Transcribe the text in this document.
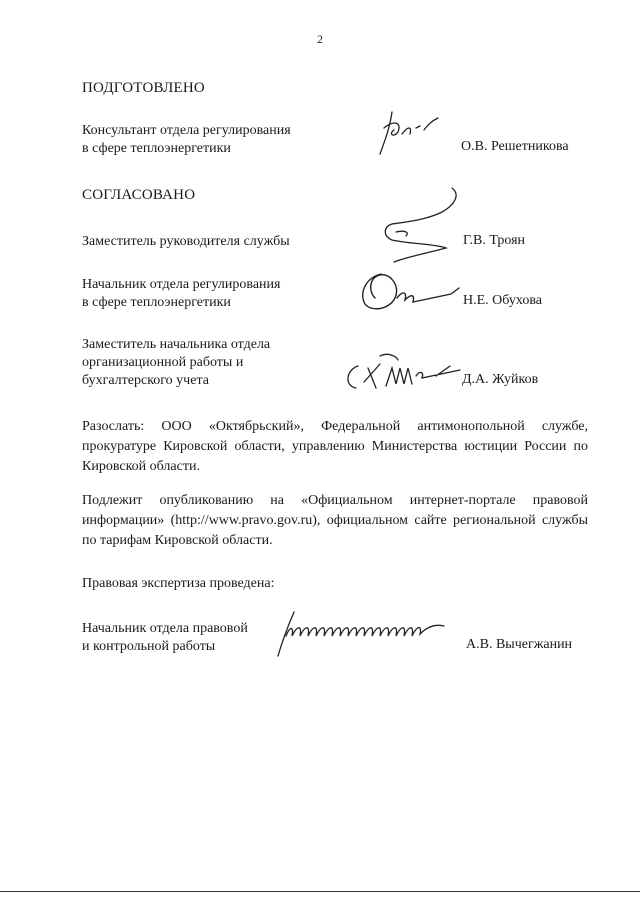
2
ПОДГОТОВЛЕНО
Консультант отдела регулирования
в сфере теплоэнергетики	О.В. Решетникова
СОГЛАСОВАНО
Заместитель руководителя службы	Г.В. Троян
Начальник отдела регулирования
в сфере теплоэнергетики	Н.Е. Обухова
Заместитель начальника отдела
организационной работы и
бухгалтерского учета	Д.А. Жуйков
Разослать: ООО «Октябрьский», Федеральной антимонопольной службе, прокуратуре Кировской области, управлению Министерства юстиции России по Кировской области.
Подлежит опубликованию на «Официальном интернет-портале правовой информации» (http://www.pravo.gov.ru), официальном сайте региональной службы по тарифам Кировской области.
Правовая экспертиза проведена:
Начальник отдела правовой
и контрольной работы	А.В. Вычегжанин
